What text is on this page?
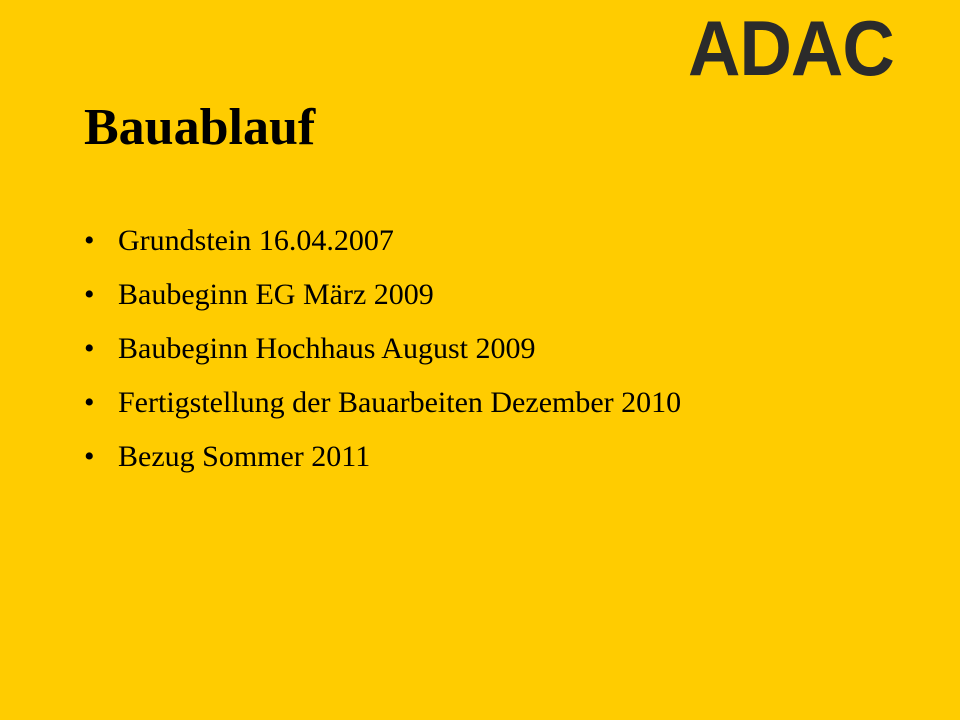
ADAC
Bauablauf
• Grundstein 16.04.2007
• Baubeginn EG März 2009
• Baubeginn Hochhaus August 2009
• Fertigstellung der Bauarbeiten Dezember 2010
• Bezug Sommer 2011
